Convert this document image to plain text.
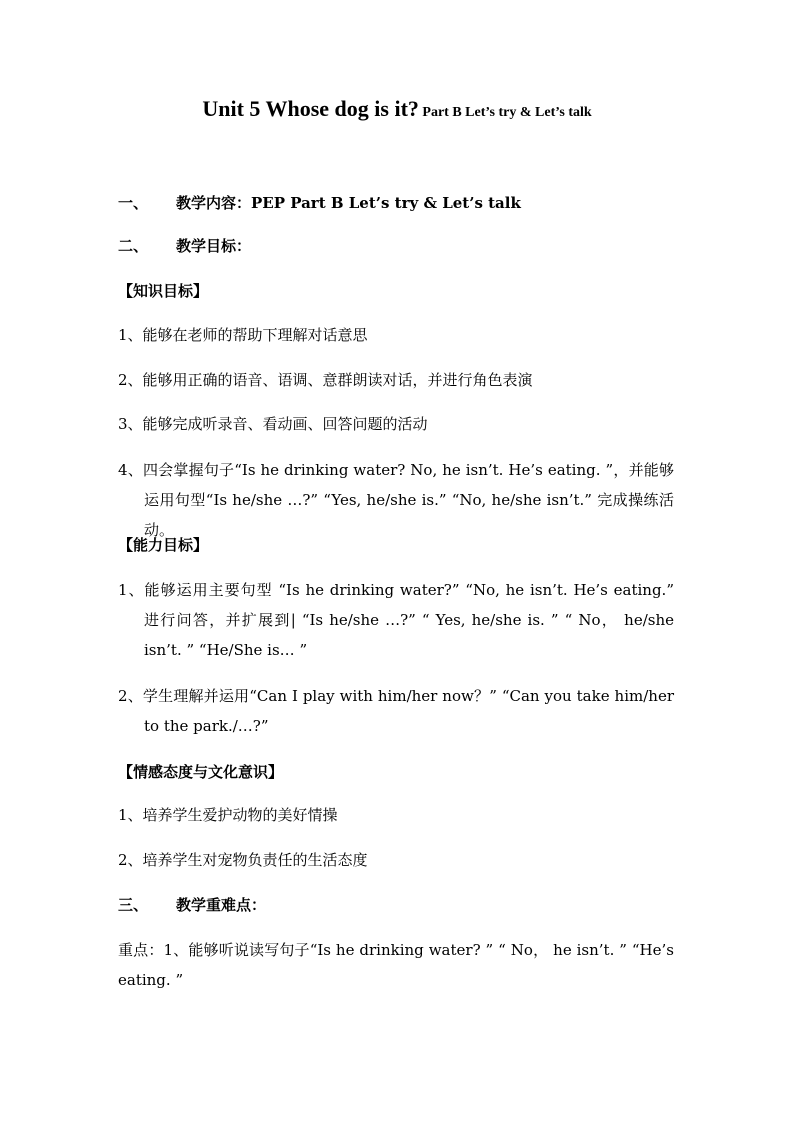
Unit 5 Whose dog is it? Part B Let’s try & Let’s talk
一、 教学内容：PEP Part B Let’s try & Let’s talk
二、 教学目标：
【知识目标】
1、能够在老师的帮助下理解对话意思
2、能够用正确的语音、语调、意群朗读对话，并进行角色表演
3、能够完成听录音、看动画、回答问题的活动
4、四会掌握句子“Is he drinking water? No, he isn’t. He’s eating. ”，并能够运用句型“Is he/she …?” “Yes, he/she is.” “No, he/she isn’t.” 完成操练活动。
【能力目标】
1、能够运用主要句型 “Is he drinking water?” “No, he isn’t. He’s eating.” 进行问答，并扩展到| “Is he/she …?” “ Yes, he/she is. ” “ No， he/she isn’t. ” “He/She is… ”
2、学生理解并运用“Can I play with him/her now？” “Can you take him/her to the park./…?”
【情感态度与文化意识】
1、培养学生爱护动物的美好情操
2、培养学生对宠物负责任的生活态度
三、 教学重难点：
重点：1、能够听说读写句子“Is he drinking water? ” “ No， he isn’t. ” “He’s eating. ”
